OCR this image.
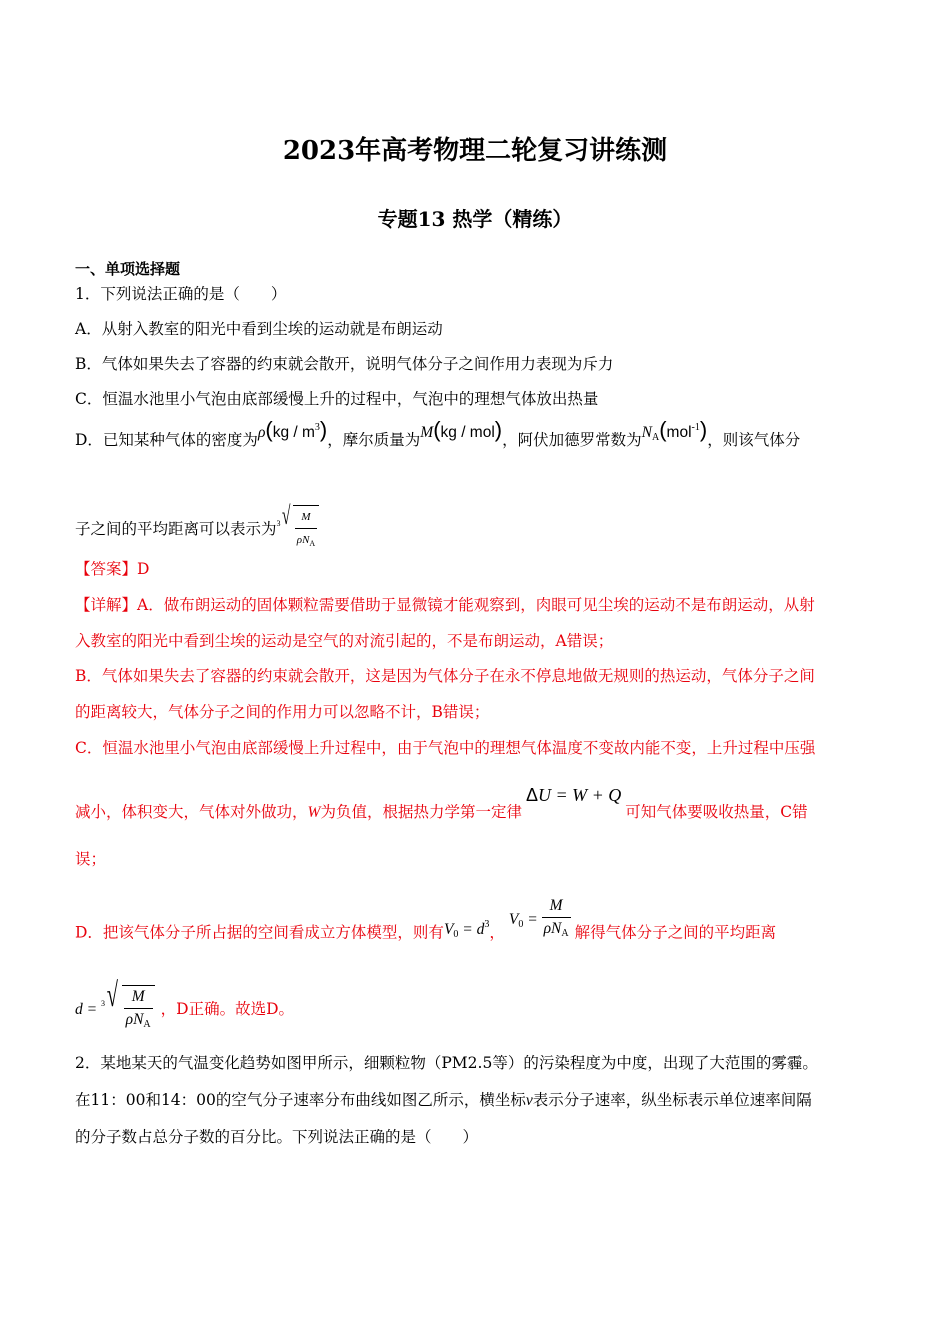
2023年高考物理二轮复习讲练测
专题13 热学（精练）
一、单项选择题
1．下列说法正确的是（　　）
A．从射入教室的阳光中看到尘埃的运动就是布朗运动
B．气体如果失去了容器的约束就会散开，说明气体分子之间作用力表现为斥力
C．恒温水池里小气泡由底部缓慢上升的过程中，气泡中的理想气体放出热量
D．已知某种气体的密度为$\rho(kg / m^3)$，摩尔质量为M(kg / mol)，阿伏加德罗常数为$N_A(mol^{-1})$，则该气体分
子之间的平均距离可以表示为 3 √ $\frac{M}{\rho N_A}$
【答案】D
【详解】A．做布朗运动的固体颗粒需要借助于显微镜才能观察到，肉眼可见尘埃的运动不是布朗运动，从射
入教室的阳光中看到尘埃的运动是空气的对流引起的，不是布朗运动，A错误；
B．气体如果失去了容器的约束就会散开，这是因为气体分子在永不停息地做无规则的热运动，气体分子之间
的距离较大，气体分子之间的作用力可以忽略不计，B错误；
C．恒温水池里小气泡由底部缓慢上升过程中，由于气泡中的理想气体温度不变故内能不变，上升过程中压强
减小，体积变大，气体对外做功，W为负值，根据热力学第一定律ΔU = W + Q可知气体要吸收热量，C错
误；
D．把该气体分子所占据的空间看成立方体模型，则有$V_0 = d^3$，$V_0 = \frac{M}{\rho N_A}$ 解得气体分子之间的平均距离
d = 3 √ $\frac{M}{\rho N_A}$ ，D正确。故选D。
2．某地某天的气温变化趋势如图甲所示，细颗粒物（PM2.5等）的污染程度为中度，出现了大范围的雾霾。
在11：00和14：00的空气分子速率分布曲线如图乙所示，横坐标v表示分子速率，纵坐标表示单位速率间隔
的分子数占总分子数的百分比。下列说法正确的是（　　）
